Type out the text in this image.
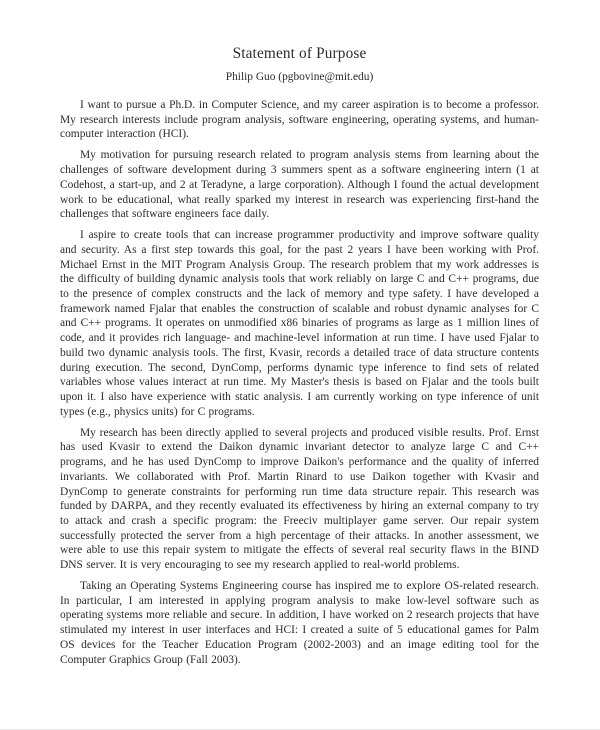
Statement of Purpose
Philip Guo (pgbovine@mit.edu)

I want to pursue a Ph.D. in Computer Science, and my career aspiration is to become a professor. My research interests include program analysis, software engineering, operating systems, and human-computer interaction (HCI).

My motivation for pursuing research related to program analysis stems from learning about the challenges of software development during 3 summers spent as a software engineering intern (1 at Codehost, a start-up, and 2 at Teradyne, a large corporation). Although I found the actual development work to be educational, what really sparked my interest in research was experiencing first-hand the challenges that software engineers face daily.

I aspire to create tools that can increase programmer productivity and improve software quality and security. As a first step towards this goal, for the past 2 years I have been working with Prof. Michael Ernst in the MIT Program Analysis Group. The research problem that my work addresses is the difficulty of building dynamic analysis tools that work reliably on large C and C++ programs, due to the presence of complex constructs and the lack of memory and type safety. I have developed a framework named Fjalar that enables the construction of scalable and robust dynamic analyses for C and C++ programs. It operates on unmodified x86 binaries of programs as large as 1 million lines of code, and it provides rich language- and machine-level information at run time. I have used Fjalar to build two dynamic analysis tools. The first, Kvasir, records a detailed trace of data structure contents during execution. The second, DynComp, performs dynamic type inference to find sets of related variables whose values interact at run time. My Master's thesis is based on Fjalar and the tools built upon it. I also have experience with static analysis. I am currently working on type inference of unit types (e.g., physics units) for C programs.

My research has been directly applied to several projects and produced visible results. Prof. Ernst has used Kvasir to extend the Daikon dynamic invariant detector to analyze large C and C++ programs, and he has used DynComp to improve Daikon's performance and the quality of inferred invariants. We collaborated with Prof. Martin Rinard to use Daikon together with Kvasir and DynComp to generate constraints for performing run time data structure repair. This research was funded by DARPA, and they recently evaluated its effectiveness by hiring an external company to try to attack and crash a specific program: the Freeciv multiplayer game server. Our repair system successfully protected the server from a high percentage of their attacks. In another assessment, we were able to use this repair system to mitigate the effects of several real security flaws in the BIND DNS server. It is very encouraging to see my research applied to real-world problems.

Taking an Operating Systems Engineering course has inspired me to explore OS-related research. In particular, I am interested in applying program analysis to make low-level software such as operating systems more reliable and secure. In addition, I have worked on 2 research projects that have stimulated my interest in user interfaces and HCI: I created a suite of 5 educational games for Palm OS devices for the Teacher Education Program (2002-2003) and an image editing tool for the Computer Graphics Group (Fall 2003).
